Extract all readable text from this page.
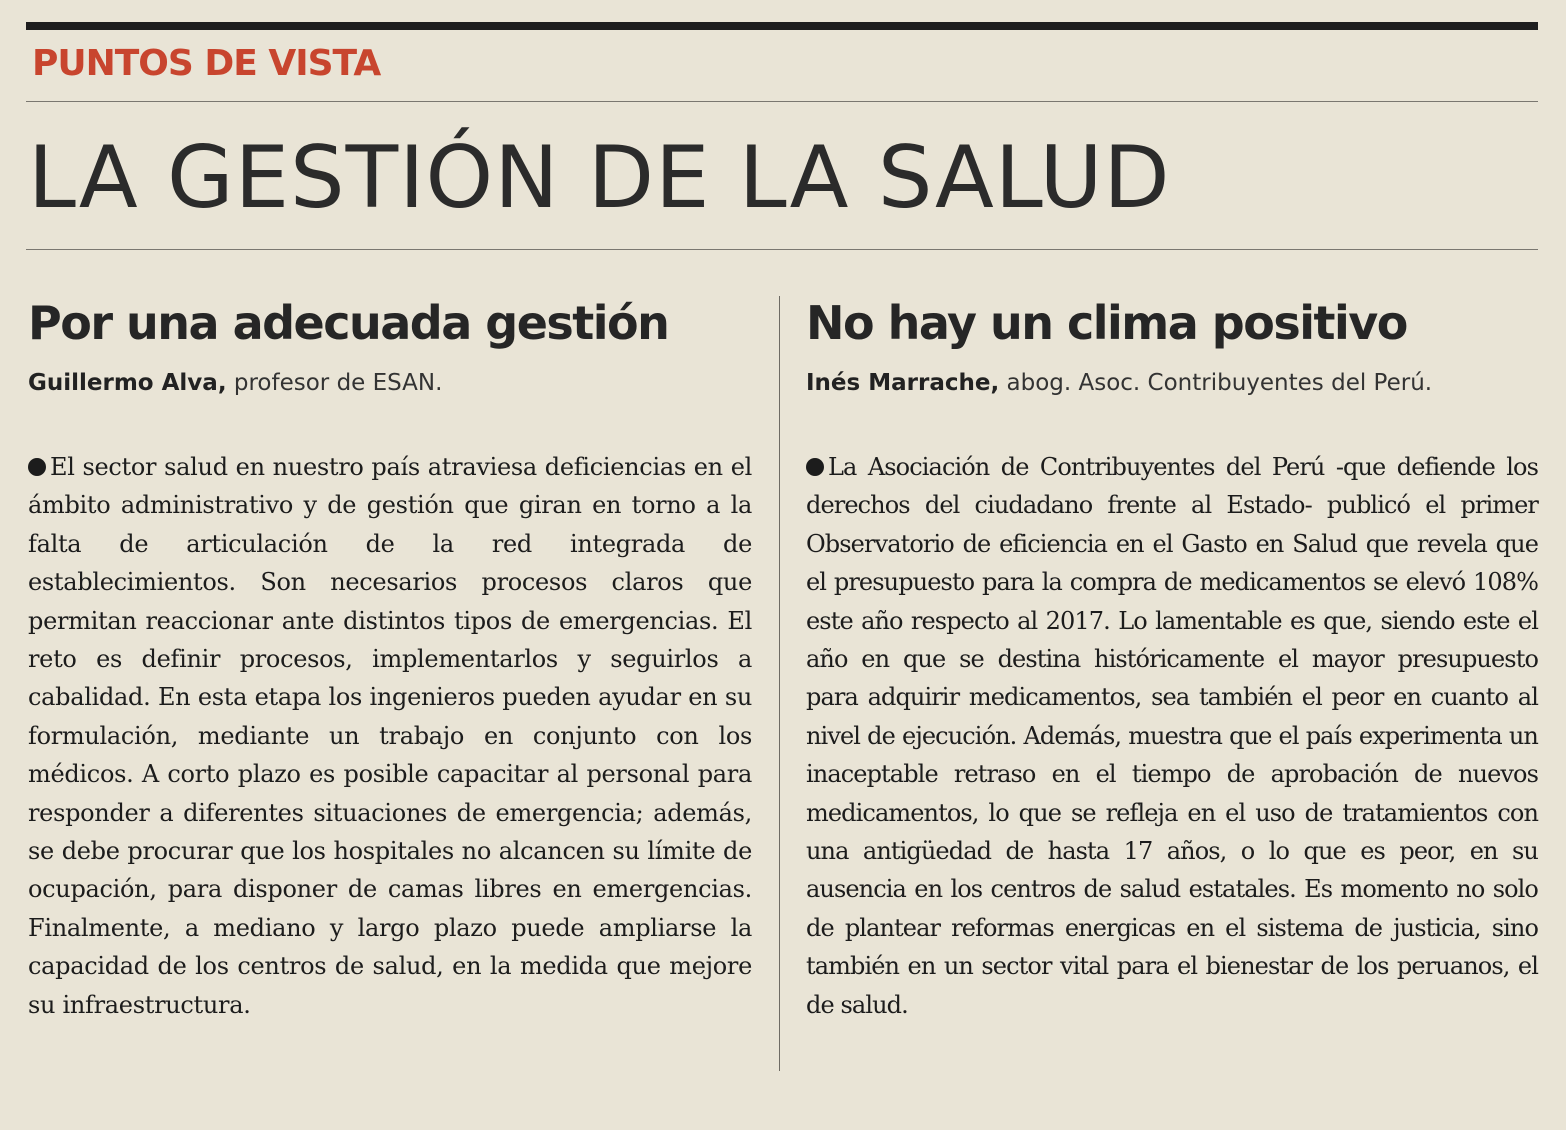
PUNTOS DE VISTA
LA GESTIÓN DE LA SALUD
Por una adecuada gestión
Guillermo Alva, profesor de ESAN.
El sector salud en nuestro país atraviesa deficiencias en el ámbito administrativo y de gestión que giran en torno a la falta de articulación de la red integrada de establecimientos. Son necesarios procesos claros que permitan reaccionar ante distintos tipos de emergencias. El reto es definir procesos, implementarlos y seguirlos a cabalidad. En esta etapa los ingenieros pueden ayudar en su formulación, mediante un trabajo en conjunto con los médicos. A corto plazo es posible capacitar al personal para responder a diferentes situaciones de emergencia; además, se debe procurar que los hospitales no alcancen su límite de ocupación, para disponer de camas libres en emergencias. Finalmente, a mediano y largo plazo puede ampliarse la capacidad de los centros de salud, en la medida que mejore su infraestructura.
No hay un clima positivo
Inés Marrache, abog. Asoc. Contribuyentes del Perú.
La Asociación de Contribuyentes del Perú -que defiende los derechos del ciudadano frente al Estado- publicó el primer Observatorio de eficiencia en el Gasto en Salud que revela que el presupuesto para la compra de medicamentos se elevó 108% este año respecto al 2017. Lo lamentable es que, siendo este el año en que se destina históricamente el mayor presupuesto para adquirir medicamentos, sea también el peor en cuanto al nivel de ejecución. Además, muestra que el país experimenta un inaceptable retraso en el tiempo de aprobación de nuevos medicamentos, lo que se refleja en el uso de tratamientos con una antigüedad de hasta 17 años, o lo que es peor, en su ausencia en los centros de salud estatales. Es momento no solo de plantear reformas energicas en el sistema de justicia, sino también en un sector vital para el bienestar de los peruanos, el de salud.
